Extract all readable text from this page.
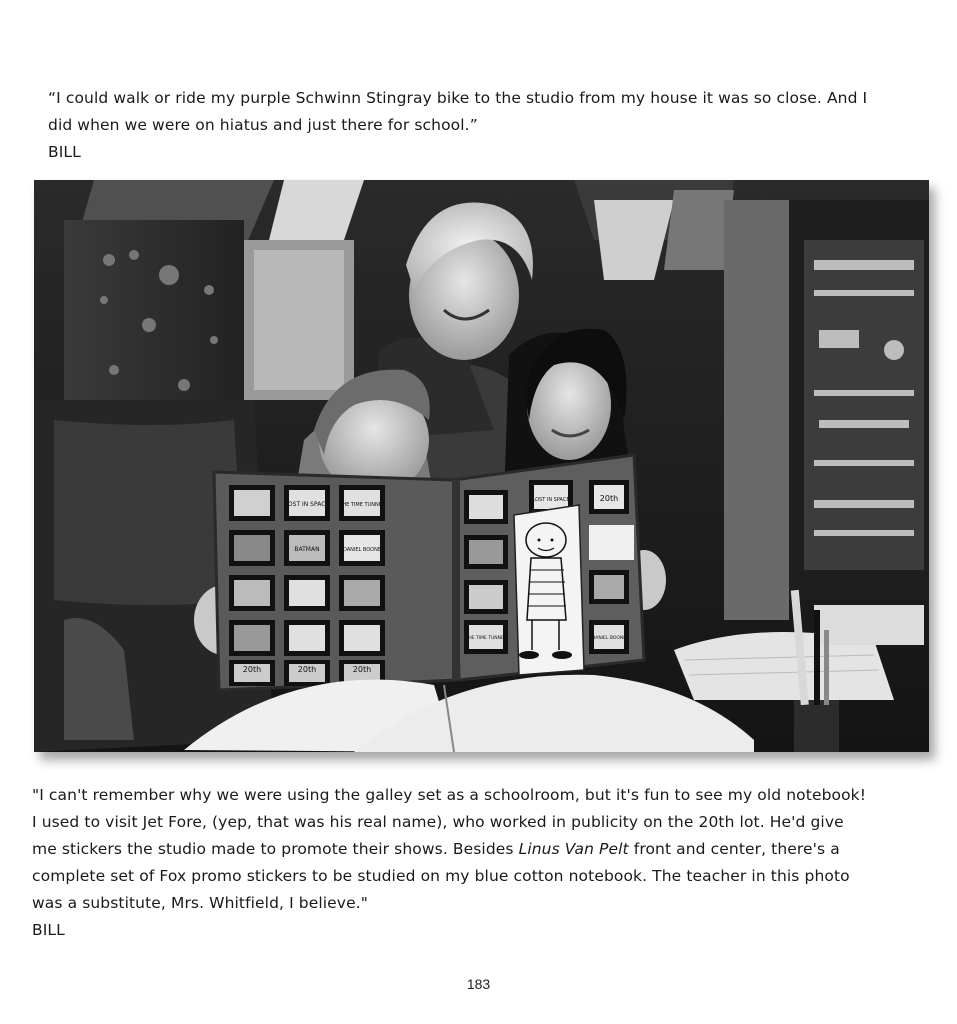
“I could walk or ride my purple Schwinn Stingray bike to the studio from my house it was so close. And I

did when we were on hiatus and just there for school.”

BILL

LOST IN SPACE THE TIME TUNNEL
BATMAN	DANIEL BOONE
20th	20th	20th
LOST IN SPACE	20th
DANIEL BOONE
THE TIME TUNNEL

"I can't remember why we were using the galley set as a schoolroom, but it's fun to see my old notebook!

I used to visit Jet Fore, (yep, that was his real name), who worked in publicity on the 20th lot. He'd give

me stickers the studio made to promote their shows. Besides Linus Van Pelt front and center, there's a

complete set of Fox promo stickers to be studied on my blue cotton notebook. The teacher in this photo

was a substitute, Mrs. Whitfield, I believe."

BILL

183
